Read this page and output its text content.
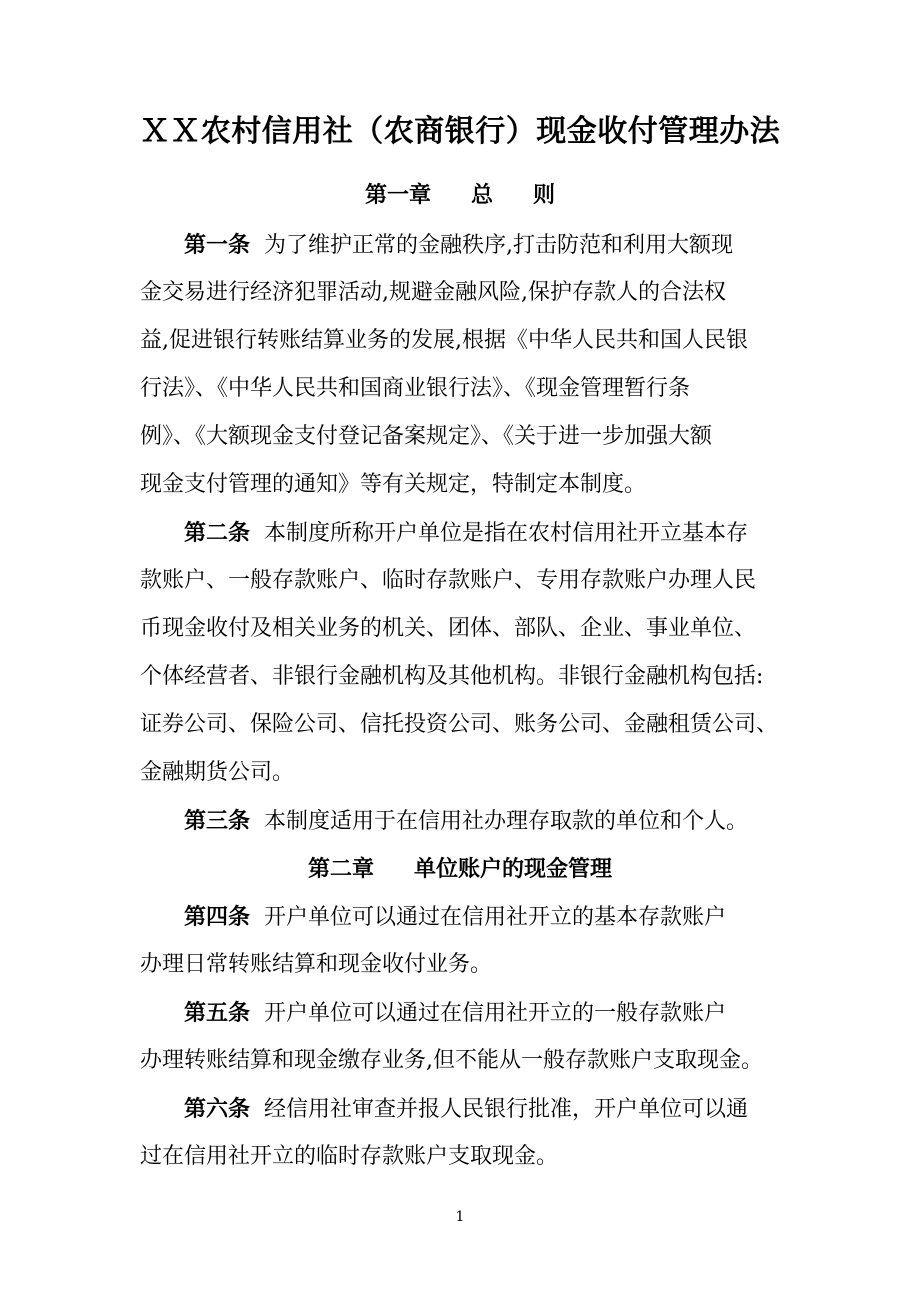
ＸＸ农村信用社（农商银行）现金收付管理办法
第一章 总 则
第一条 为了维护正常的金融秩序,打击防范和利用大额现
金交易进行经济犯罪活动,规避金融风险,保护存款人的合法权
益,促进银行转账结算业务的发展,根据《中华人民共和国人民银
行法》、《中华人民共和国商业银行法》、《现金管理暂行条
例》、《大额现金支付登记备案规定》、《关于进一步加强大额
现金支付管理的通知》等有关规定，特制定本制度。
第二条 本制度所称开户单位是指在农村信用社开立基本存
款账户、一般存款账户、临时存款账户、专用存款账户办理人民
币现金收付及相关业务的机关、团体、部队、企业、事业单位、
个体经营者、非银行金融机构及其他机构。非银行金融机构包括:
证券公司、保险公司、信托投资公司、账务公司、金融租赁公司、
金融期货公司。
第三条 本制度适用于在信用社办理存取款的单位和个人。
第二章 单位账户的现金管理
第四条 开户单位可以通过在信用社开立的基本存款账户
办理日常转账结算和现金收付业务。
第五条 开户单位可以通过在信用社开立的一般存款账户
办理转账结算和现金缴存业务,但不能从一般存款账户支取现金。
第六条 经信用社审查并报人民银行批准，开户单位可以通
过在信用社开立的临时存款账户支取现金。
1
